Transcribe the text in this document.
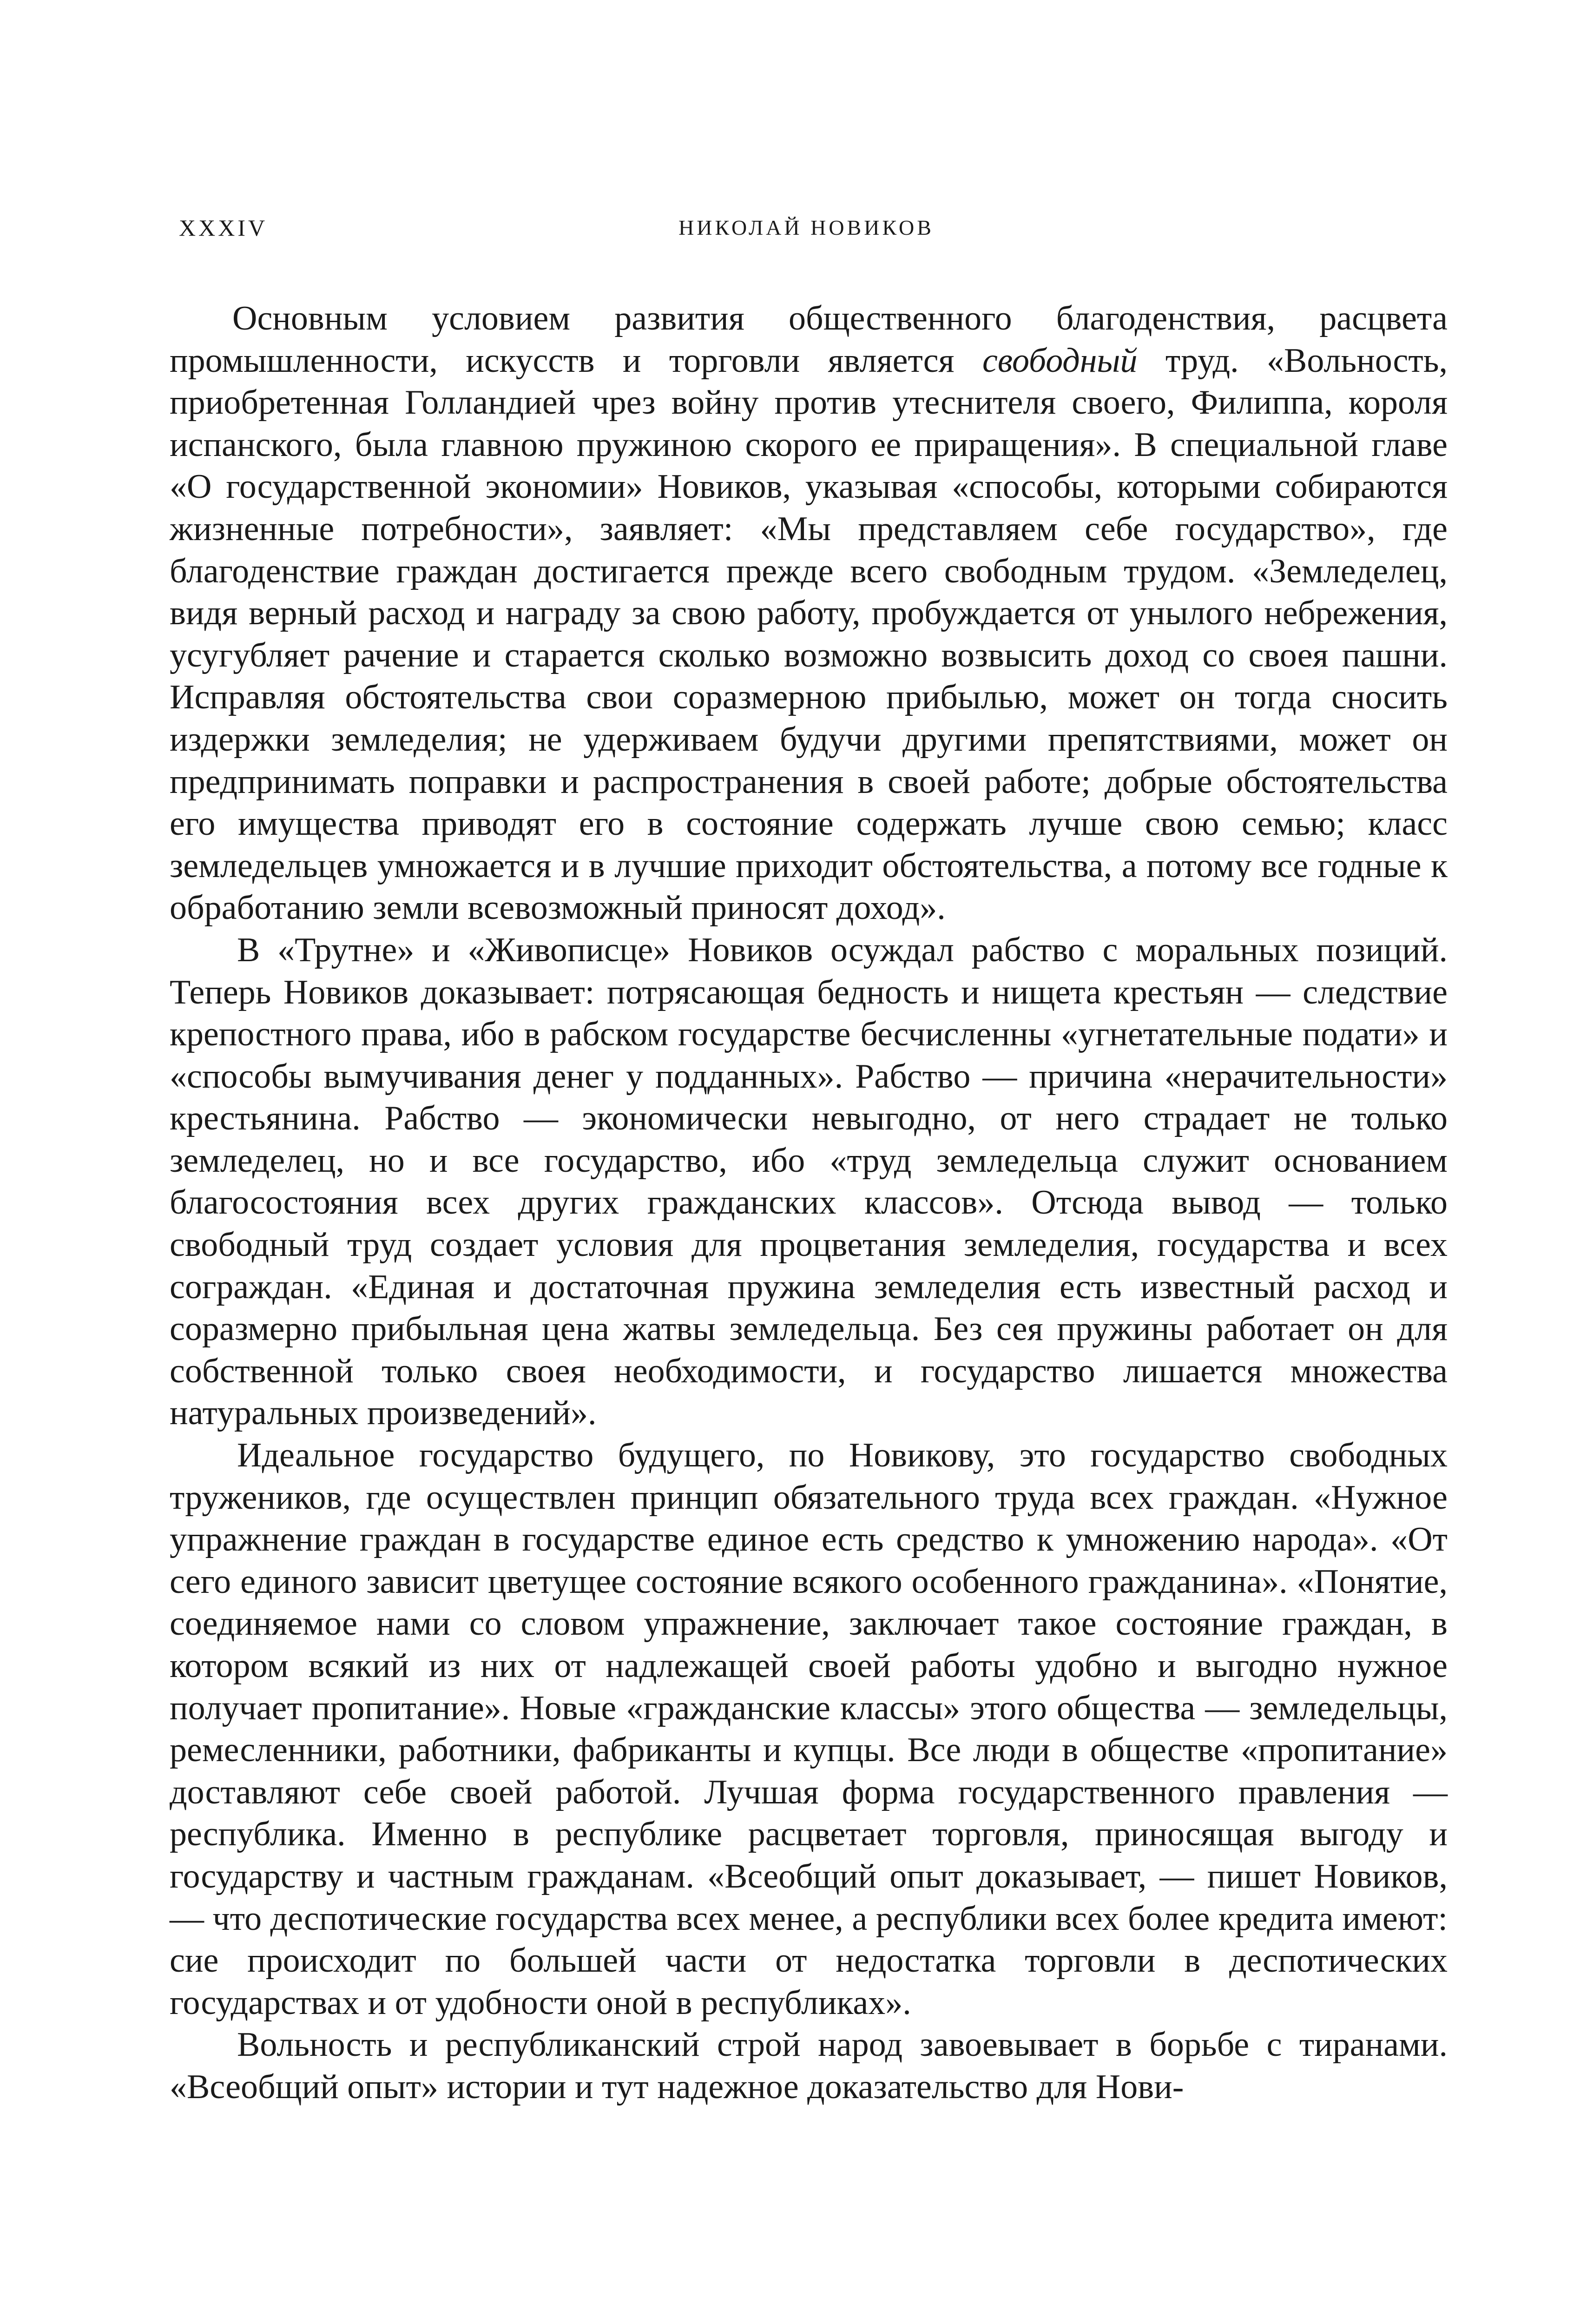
XXXIV	НИКОЛАЙ НОВИКОВ

Основным условием развития общественного благоденствия, расцвета промышленности, искусств и торговли является свободный труд. «Вольность, приобретенная Голландией чрез войну против утеснителя своего, Филиппа, короля испанского, была главною пружиною скорого ее приращения». В специальной главе «О государственной экономии» Новиков, указывая «способы, которыми собираются жизненные потребности», заявляет: «Мы представляем себе государство», где благоденствие граждан достигается прежде всего свободным трудом. «Земледелец, видя верный расход и награду за свою работу, пробуждается от унылого небрежения, усугубляет рачение и старается сколько возможно возвысить доход со своея пашни. Исправляя обстоятельства свои соразмерною прибылью, может он тогда сносить издержки земледелия; не удерживаем будучи другими препятствиями, может он предпринимать поправки и распространения в своей работе; добрые обстоятельства его имущества приводят его в состояние содержать лучше свою семью; класс земледельцев умножается и в лучшие приходит обстоятельства, а потому все годные к обработанию земли всевозможный приносят доход».

В «Трутне» и «Живописце» Новиков осуждал рабство с моральных позиций. Теперь Новиков доказывает: потрясающая бедность и нищета крестьян — следствие крепостного права, ибо в рабском государстве бесчисленны «угнетательные подати» и «способы вымучивания денег у подданных». Рабство — причина «нерачительности» крестьянина. Рабство — экономически невыгодно, от него страдает не только земледелец, но и все государство, ибо «труд земледельца служит основанием благосостояния всех других гражданских классов». Отсюда вывод — только свободный труд создает условия для процветания земледелия, государства и всех сограждан. «Единая и достаточная пружина земледелия есть известный расход и соразмерно прибыльная цена жатвы земледельца. Без сея пружины работает он для собственной только своея необходимости, и государство лишается множества натуральных произведений».

Идеальное государство будущего, по Новикову, это государство свободных тружеников, где осуществлен принцип обязательного труда всех граждан. «Нужное упражнение граждан в государстве единое есть средство к умножению народа». «От сего единого зависит цветущее состояние всякого особенного гражданина». «Понятие, соединяемое нами со словом упражнение, заключает такое состояние граждан, в котором всякий из них от надлежащей своей работы удобно и выгодно нужное получает пропитание». Новые «гражданские классы» этого общества — земледельцы, ремесленники, работники, фабриканты и купцы. Все люди в обществе «пропитание» доставляют себе своей работой. Лучшая форма государственного правления — республика. Именно в республике расцветает торговля, приносящая выгоду и государству и частным гражданам. «Всеобщий опыт доказывает, — пишет Новиков, — что деспотические государства всех менее, а республики всех более кредита имеют: сие происходит по большей части от недостатка торговли в деспотических государствах и от удобности оной в республиках».

Вольность и республиканский строй народ завоевывает в борьбе с тиранами. «Всеобщий опыт» истории и тут надежное доказательство для Нови-
